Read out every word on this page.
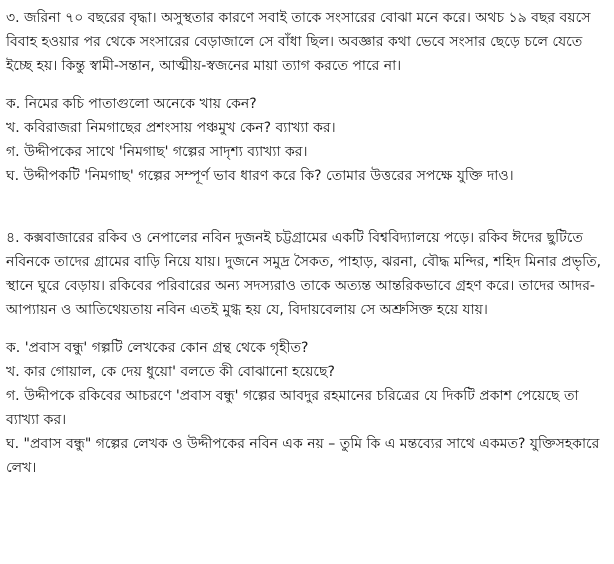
৩. জরিনা ৭০ বছরের বৃদ্ধা। অসুস্থতার কারণে সবাই তাকে সংসারের বোঝা মনে করে। অথচ ১৯ বছর বয়সে বিবাহ হওয়ার পর থেকে সংসারের বেড়াজালে সে বাঁধা ছিল। অবজ্ঞার কথা ভেবে সংসার ছেড়ে চলে যেতে ইচ্ছে হয়। কিন্তু স্বামী-সন্তান, আত্মীয়-স্বজনের মায়া ত্যাগ করতে পারে না।

ক. নিমের কচি পাতাগুলো অনেকে খায় কেন?
খ. কবিরাজরা নিমগাছের প্রশংসায় পঞ্চমুখ কেন? ব্যাখ্যা কর।
গ. উদ্দীপকের সাথে 'নিমগাছ' গল্পের সাদৃশ্য ব্যাখ্যা কর।
ঘ. উদ্দীপকটি 'নিমগাছ' গল্পের সম্পূর্ণ ভাব ধারণ করে কি? তোমার উত্তরের সপক্ষে যুক্তি দাও।

৪. কক্সবাজারের রকিব ও নেপালের নবিন দুজনই চট্টগ্রামের একটি বিশ্ববিদ্যালয়ে পড়ে। রকিব ঈদের ছুটিতে নবিনকে তাদের গ্রামের বাড়ি নিয়ে যায়। দুজনে সমুদ্র সৈকত, পাহাড়, ঝরনা, বৌদ্ধ মন্দির, শহিদ মিনার প্রভৃতি, স্থানে ঘুরে বেড়ায়। রকিবের পরিবারের অন্য সদস্যরাও তাকে অত্যন্ত আন্তরিকভাবে গ্রহণ করে। তাদের আদর- আপ্যায়ন ও আতিথেয়তায় নবিন এতই মুগ্ধ হয় যে, বিদায়বেলায় সে অশ্রুসিক্ত হয়ে যায়।

ক. 'প্রবাস বন্ধু' গল্পটি লেখকের কোন গ্রন্থ থেকে গৃহীত?
খ. কার গোয়াল, কে দেয় ধুয়ো' বলতে কী বোঝানো হয়েছে?
গ. উদ্দীপকে রকিবের আচরণে 'প্রবাস বন্ধু' গল্পের আবদুর রহমানের চরিত্রের যে দিকটি প্রকাশ পেয়েছে তা ব্যাখ্যা কর।
ঘ. "প্রবাস বন্ধু" গল্পের লেখক ও উদ্দীপকের নবিন এক নয় – তুমি কি এ মন্তব্যের সাথে একমত? যুক্তিসহকারে লেখ।
